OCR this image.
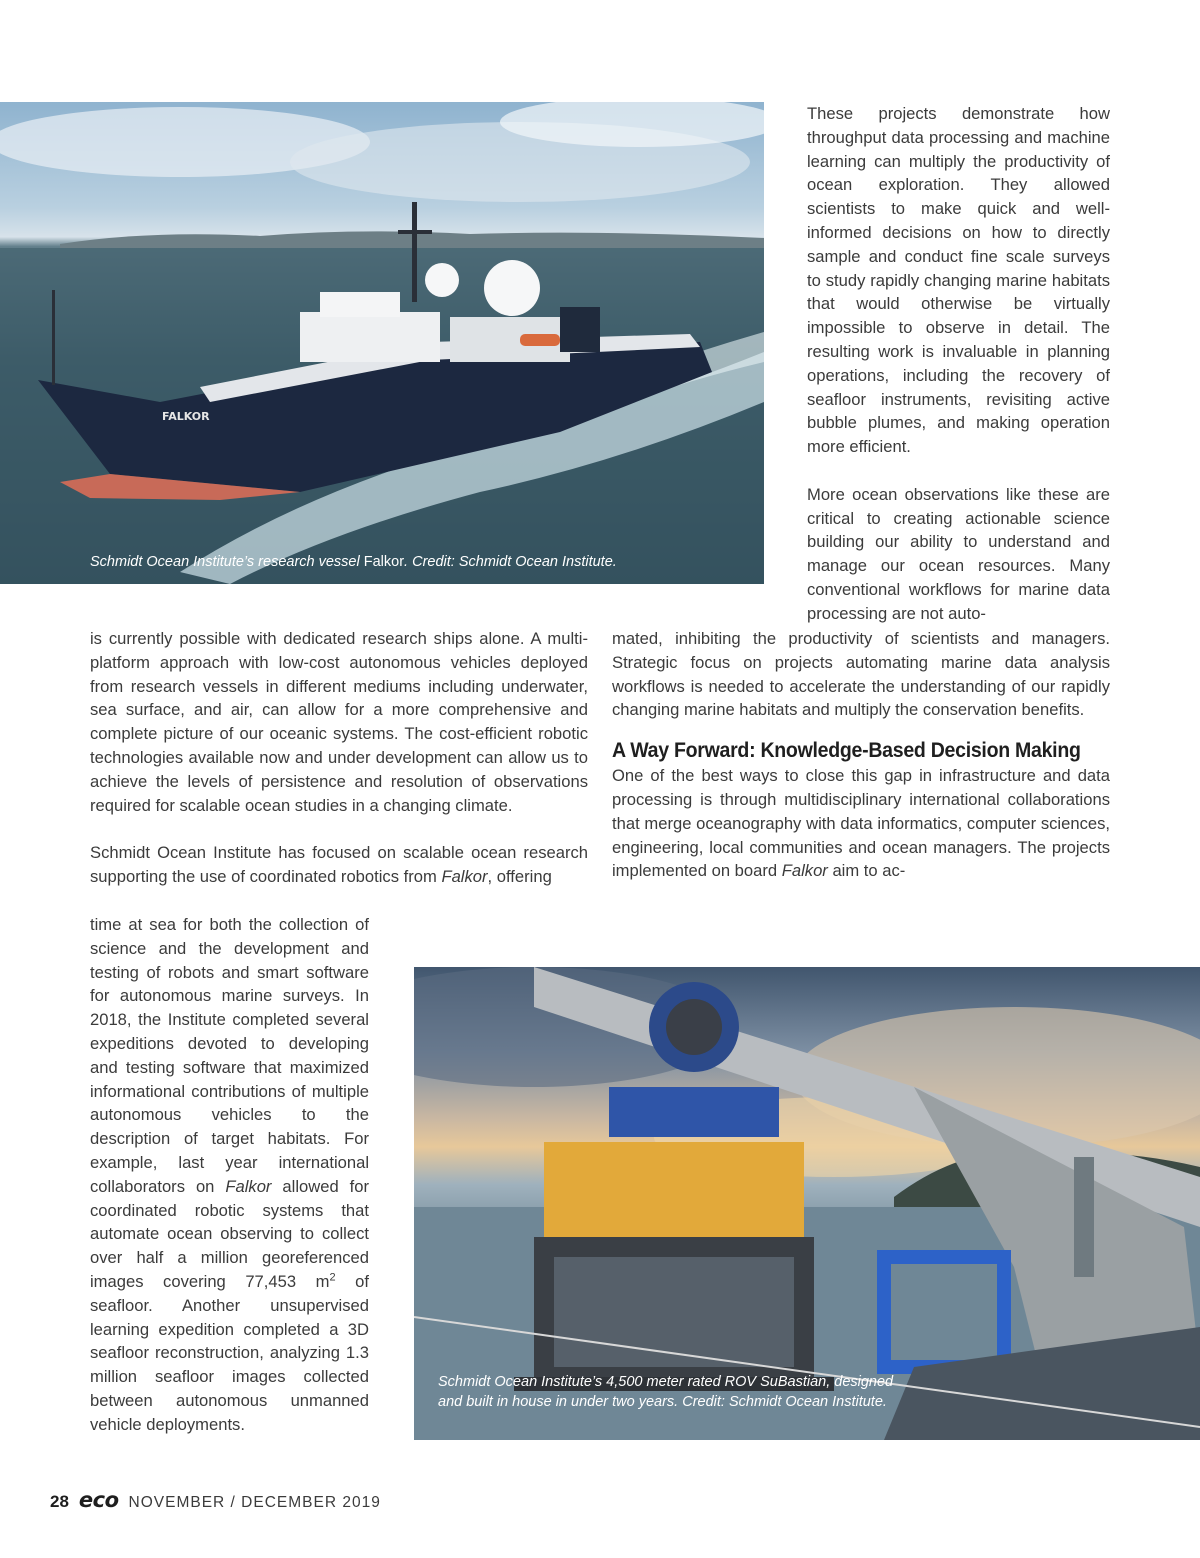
FALKOR
Schmidt Ocean Institute’s research vessel Falkor. Credit: Schmidt Ocean Institute.

These projects demonstrate how throughput data processing and machine learning can multiply the productivity of ocean exploration. They allowed scientists to make quick and well-informed decisions on how to directly sample and conduct fine scale surveys to study rapidly changing marine habitats that would otherwise be virtually impossible to observe in detail. The resulting work is invaluable in planning operations, including the recovery of seafloor instruments, revisiting active bubble plumes, and making operation more efficient.

More ocean observations like these are critical to creating actionable science building our ability to understand and manage our ocean resources. Many conventional workflows for marine data processing are not auto-

is currently possible with dedicated research ships alone. A multi-platform approach with low-cost autonomous vehicles deployed from research vessels in different mediums including underwater, sea surface, and air, can allow for a more comprehensive and complete picture of our oceanic systems. The cost-efficient robotic technologies available now and under development can allow us to achieve the levels of persistence and resolution of observations required for scalable ocean studies in a changing climate.

Schmidt Ocean Institute has focused on scalable ocean research supporting the use of coordinated robotics from Falkor, offering

mated, inhibiting the productivity of scientists and managers. Strategic focus on projects automating marine data analysis workflows is needed to accelerate the understanding of our rapidly changing marine habitats and multiply the conservation benefits.

A Way Forward: Knowledge-Based Decision Making

One of the best ways to close this gap in infrastructure and data processing is through multidisciplinary international collaborations that merge oceanography with data informatics, computer sciences, engineering, local communities and ocean managers. The projects implemented on board Falkor aim to ac-

time at sea for both the collection of science and the development and testing of robots and smart software for autonomous marine surveys. In 2018, the Institute completed several expeditions devoted to developing and testing software that maximized informational contributions of multiple autonomous vehicles to the description of target habitats. For example, last year international collaborators on Falkor allowed for coordinated robotic systems that automate ocean observing to collect over half a million georeferenced images covering 77,453 $m^2$ of seafloor. Another unsupervised learning expedition completed a 3D seafloor reconstruction, analyzing 1.3 million seafloor images collected between autonomous unmanned vehicle deployments.

Schmidt Ocean Institute’s 4,500 meter rated ROV SuBastian, designed
and built in house in under two years. Credit: Schmidt Ocean Institute.
28 eco NOVEMBER / DECEMBER 2019
